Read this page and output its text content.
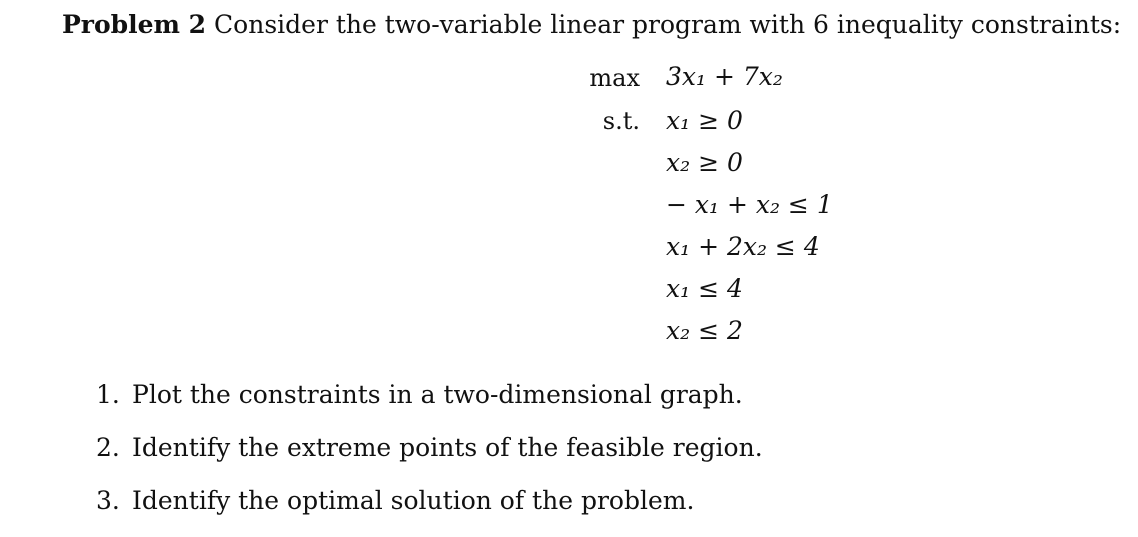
Problem 2 Consider the two-variable linear program with 6 inequality constraints:
max 3x₁ + 7x₂
s.t. x₁ ≥ 0
x₂ ≥ 0
− x₁ + x₂ ≤ 1
x₁ + 2x₂ ≤ 4
x₁ ≤ 4
x₂ ≤ 2
1. Plot the constraints in a two-dimensional graph.
2. Identify the extreme points of the feasible region.
3. Identify the optimal solution of the problem.
